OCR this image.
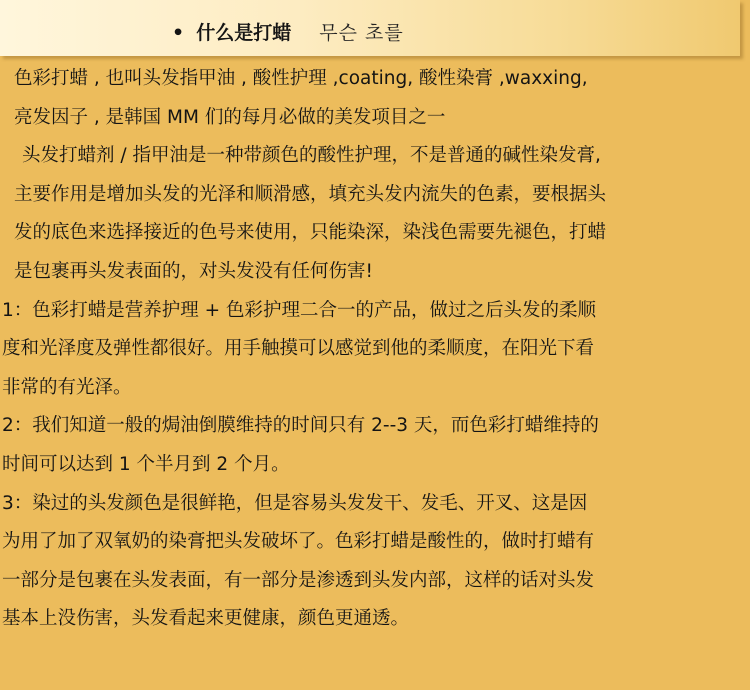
• 什么是打蜡 무슨 초를
色彩打蜡 , 也叫头发指甲油 , 酸性护理 ,coating, 酸性染膏 ,waxxing,
亮发因子 , 是韩国 MM 们的每月必做的美发项目之一
头发打蜡剂 / 指甲油是一种带颜色的酸性护理，不是普通的碱性染发膏,
主要作用是增加头发的光泽和顺滑感，填充头发内流失的色素，要根据头
发的底色来选择接近的色号来使用，只能染深，染浅色需要先褪色，打蜡
是包裹再头发表面的，对头发没有任何伤害!
1：色彩打蜡是营养护理 + 色彩护理二合一的产品，做过之后头发的柔顺
度和光泽度及弹性都很好。用手触摸可以感觉到他的柔顺度，在阳光下看
非常的有光泽。
2：我们知道一般的焗油倒膜维持的时间只有 2--3 天，而色彩打蜡维持的
时间可以达到 1 个半月到 2 个月。
3：染过的头发颜色是很鲜艳，但是容易头发发干、发毛、开叉、这是因
为用了加了双氧奶的染膏把头发破坏了。色彩打蜡是酸性的，做时打蜡有
一部分是包裹在头发表面，有一部分是渗透到头发内部，这样的话对头发
基本上没伤害，头发看起来更健康，颜色更通透。
